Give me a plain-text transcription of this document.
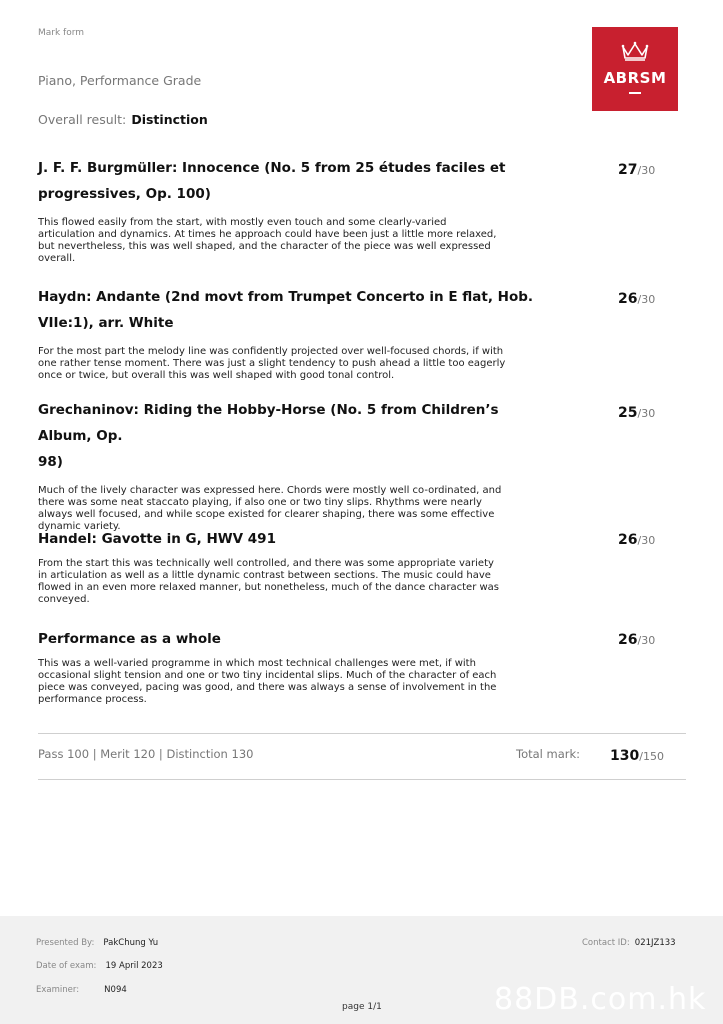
Mark form
Piano, Performance Grade
Overall result: Distinction
ABRSM
J. F. F. Burgmüller: Innocence (No. 5 from 25 études faciles et
progressives, Op. 100)
This flowed easily from the start, with mostly even touch and some clearly-varied
articulation and dynamics. At times he approach could have been just a little more relaxed,
but nevertheless, this was well shaped, and the character of the piece was well expressed
overall.
27/30
Haydn: Andante (2nd movt from Trumpet Concerto in E flat, Hob.
VIIe:1), arr. White
For the most part the melody line was confidently projected over well-focused chords, if with
one rather tense moment. There was just a slight tendency to push ahead a little too eagerly
once or twice, but overall this was well shaped with good tonal control.
26/30
Grechaninov: Riding the Hobby-Horse (No. 5 from Children’s Album, Op.
98)
Much of the lively character was expressed here. Chords were mostly well co-ordinated, and
there was some neat staccato playing, if also one or two tiny slips. Rhythms were nearly
always well focused, and while scope existed for clearer shaping, there was some effective
dynamic variety.
25/30
Handel: Gavotte in G, HWV 491
From the start this was technically well controlled, and there was some appropriate variety
in articulation as well as a little dynamic contrast between sections. The music could have
flowed in an even more relaxed manner, but nonetheless, much of the dance character was
conveyed.
26/30
Performance as a whole
This was a well-varied programme in which most technical challenges were met, if with
occasional slight tension and one or two tiny incidental slips. Much of the character of each
piece was conveyed, pacing was good, and there was always a sense of involvement in the
performance process.
26/30
Pass 100 | Merit 120 | Distinction 130	Total mark: 130/150
Presented By: PakChung Yu
Date of exam: 19 April 2023
Examiner:	N094
Contact ID: 021JZ133
page 1/1	88DB.com.hk
